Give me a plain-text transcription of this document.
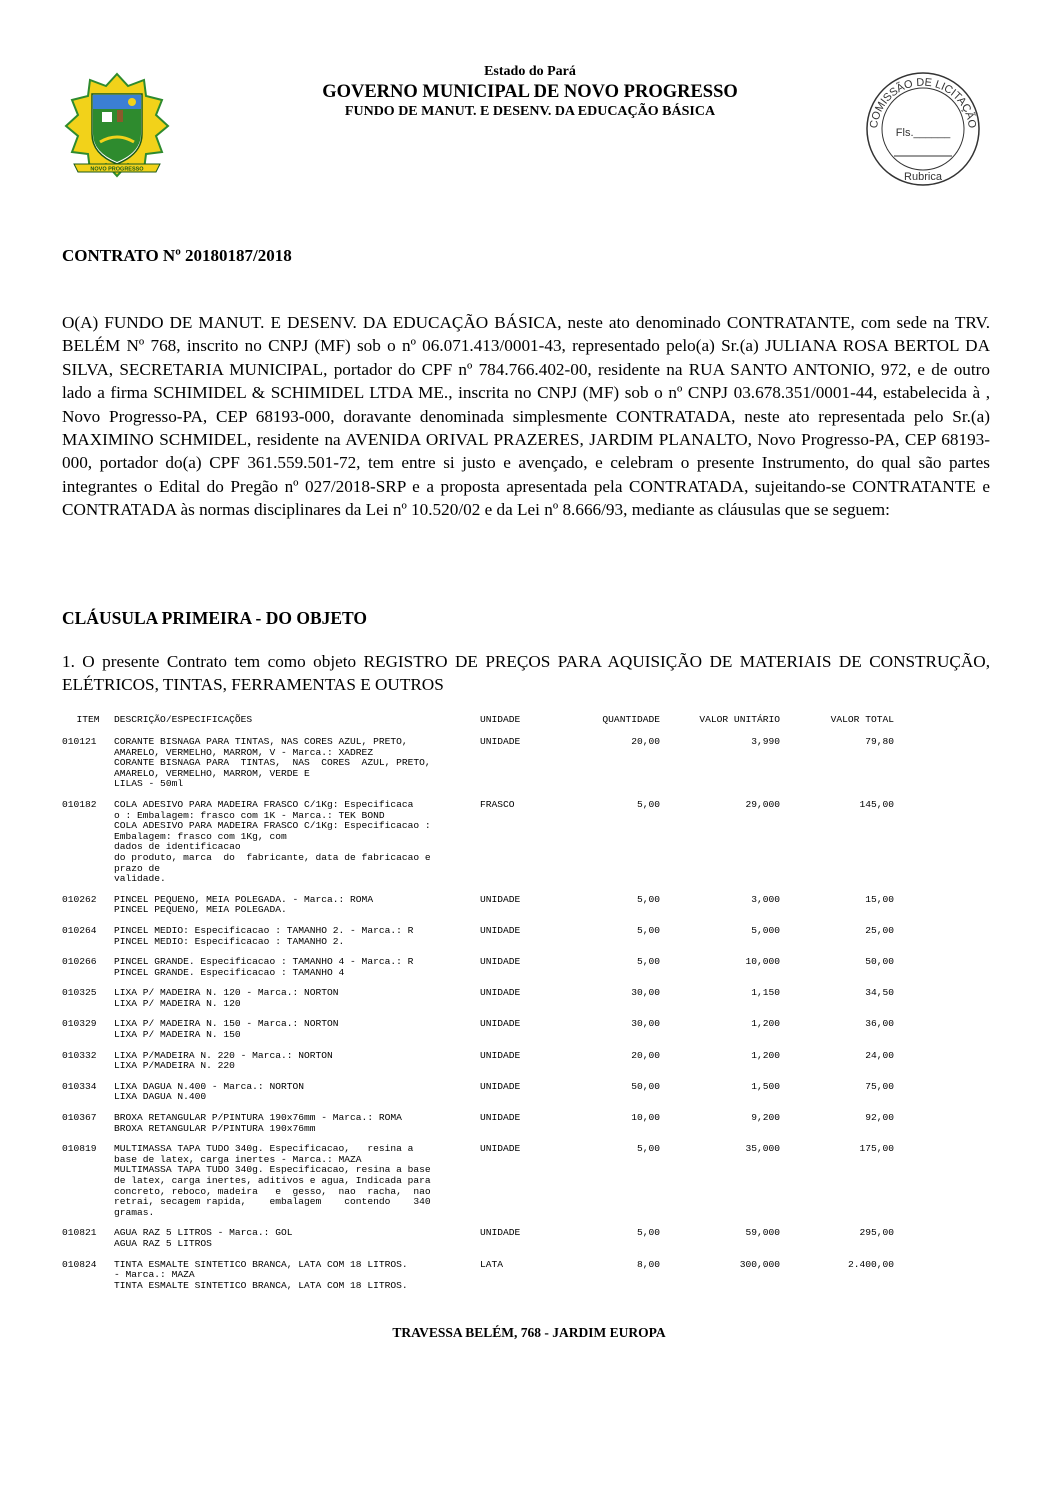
NOVO PROGRESSO
Estado do Pará
GOVERNO MUNICIPAL DE NOVO PROGRESSO
FUNDO DE MANUT. E DESENV. DA EDUCAÇÃO BÁSICA
COMISSÃO DE LICITAÇÃO
Fls.______
Rubrica
CONTRATO Nº 20180187/2018
O(A) FUNDO DE MANUT. E DESENV. DA EDUCAÇÃO BÁSICA, neste ato denominado CONTRATANTE, com sede na TRV. BELÉM Nº 768, inscrito no CNPJ (MF) sob o nº 06.071.413/0001-43, representado pelo(a) Sr.(a) JULIANA ROSA BERTOL DA SILVA, SECRETARIA MUNICIPAL, portador do CPF nº 784.766.402-00, residente na RUA SANTO ANTONIO, 972, e de outro lado a firma SCHIMIDEL & SCHIMIDEL LTDA ME., inscrita no CNPJ (MF) sob o nº CNPJ 03.678.351/0001-44, estabelecida à , Novo Progresso-PA, CEP 68193-000, doravante denominada simplesmente CONTRATADA, neste ato representada pelo Sr.(a) MAXIMINO SCHMIDEL, residente na AVENIDA ORIVAL PRAZERES, JARDIM PLANALTO, Novo Progresso-PA, CEP 68193-000, portador do(a) CPF 361.559.501-72, tem entre si justo e avençado, e celebram o presente Instrumento, do qual são partes integrantes o Edital do Pregão nº 027/2018-SRP e a proposta apresentada pela CONTRATADA, sujeitando-se CONTRATANTE e CONTRATADA às normas disciplinares da Lei nº 10.520/02 e da Lei nº 8.666/93, mediante as cláusulas que se seguem:
CLÁUSULA PRIMEIRA - DO OBJETO
1. O presente Contrato tem como objeto REGISTRO DE PREÇOS PARA AQUISIÇÃO DE MATERIAIS DE CONSTRUÇÃO, ELÉTRICOS, TINTAS, FERRAMENTAS E OUTROS
ITEM	DESCRIÇÃO/ESPECIFICAÇÕES	UNIDADE	QUANTIDADE	VALOR UNITÁRIO	VALOR TOTAL
010121	CORANTE BISNAGA PARA TINTAS, NAS CORES AZUL, PRETO,
AMARELO, VERMELHO, MARROM, V - Marca.: XADREZ
CORANTE BISNAGA PARA  TINTAS,  NAS  CORES  AZUL, PRETO,
AMARELO, VERMELHO, MARROM, VERDE E
LILAS - 50ml
UNIDADE	20,00	3,990	79,80
010182	COLA ADESIVO PARA MADEIRA FRASCO C/1Kg: Especificaca
o : Embalagem: frasco com 1K - Marca.: TEK BOND
COLA ADESIVO PARA MADEIRA FRASCO C/1Kg: Especificacao :
Embalagem: frasco com 1Kg, com
dados de identificacao
do produto, marca  do  fabricante, data de fabricacao e
prazo de
validade.
FRASCO	5,00	29,000	145,00
010262	PINCEL PEQUENO, MEIA POLEGADA. - Marca.: ROMA
PINCEL PEQUENO, MEIA POLEGADA.
UNIDADE	5,00	3,000	15,00
010264	PINCEL MEDIO: Especificacao : TAMANHO 2. - Marca.: R
PINCEL MEDIO: Especificacao : TAMANHO 2.
UNIDADE	5,00	5,000	25,00
010266	PINCEL GRANDE. Especificacao : TAMANHO 4 - Marca.: R
PINCEL GRANDE. Especificacao : TAMANHO 4
UNIDADE	5,00	10,000	50,00
010325	LIXA P/ MADEIRA N. 120 - Marca.: NORTON
LIXA P/ MADEIRA N. 120
UNIDADE	30,00	1,150	34,50
010329	LIXA P/ MADEIRA N. 150 - Marca.: NORTON
LIXA P/ MADEIRA N. 150
UNIDADE	30,00	1,200	36,00
010332	LIXA P/MADEIRA N. 220 - Marca.: NORTON
LIXA P/MADEIRA N. 220
UNIDADE	20,00	1,200	24,00
010334	LIXA DAGUA N.400 - Marca.: NORTON
LIXA DAGUA N.400
UNIDADE	50,00	1,500	75,00
010367	BROXA RETANGULAR P/PINTURA 190x76mm - Marca.: ROMA
BROXA RETANGULAR P/PINTURA 190x76mm
UNIDADE	10,00	9,200	92,00
010819	MULTIMASSA TAPA TUDO 340g. Especificacao,   resina a
base de latex, carga inertes - Marca.: MAZA
MULTIMASSA TAPA TUDO 340g. Especificacao, resina a base
de latex, carga inertes, aditivos e agua, Indicada para
concreto, reboco, madeira   e  gesso,  nao  racha,  nao
retrai, secagem rapida,    embalagem    contendo    340
gramas.
UNIDADE	5,00	35,000	175,00
010821	AGUA RAZ 5 LITROS - Marca.: GOL
AGUA RAZ 5 LITROS
UNIDADE	5,00	59,000	295,00
010824	TINTA ESMALTE SINTETICO BRANCA, LATA COM 18 LITROS.
- Marca.: MAZA
TINTA ESMALTE SINTETICO BRANCA, LATA COM 18 LITROS.
LATA	8,00	300,000	2.400,00
TRAVESSA BELÉM, 768 - JARDIM EUROPA
